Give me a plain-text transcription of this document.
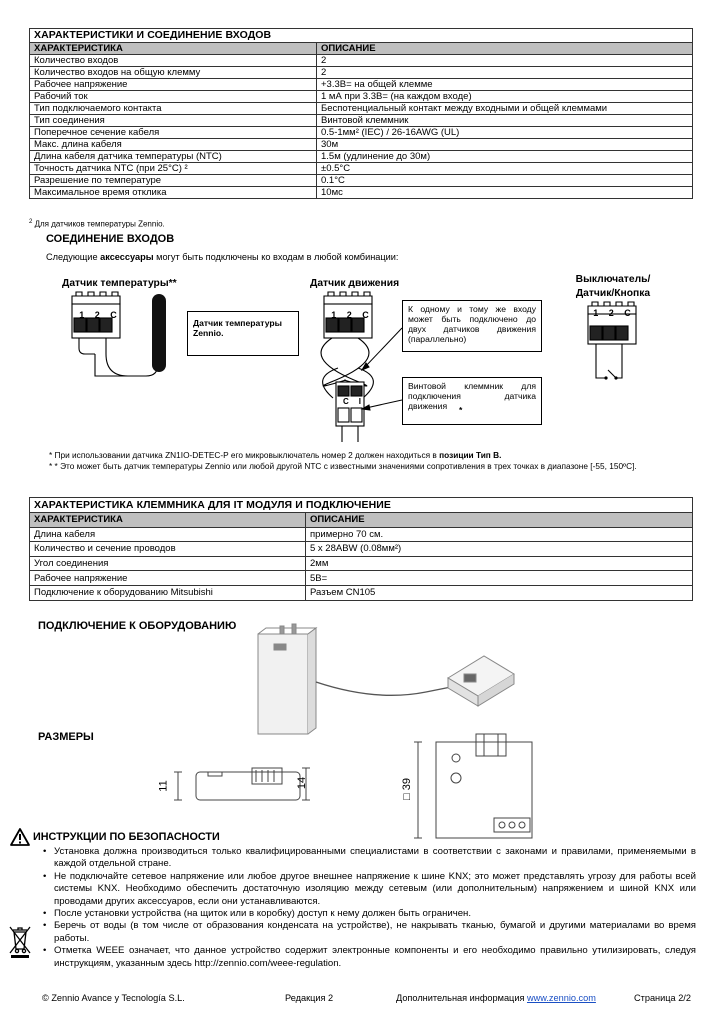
ХАРАКТЕРИСТИКИ И СОЕДИНЕНИЕ ВХОДОВ	
ХАРАКТЕРИСТИКА	ОПИСАНИЕ
Количество входов	2
Количество входов на общую клемму	2
Рабочее напряжение	+3.3В= на общей клемме
Рабочий ток	1 мА при 3.3В= (на каждом входе)
Тип подключаемого контакта	Беспотенциальный контакт между входными и общей клеммами
Тип соединения	Винтовой клеммник
Поперечное сечение кабеля	0.5-1мм² (IEC) / 26-16AWG (UL)
Макс. длина кабеля	30м
Длина кабеля датчика температуры (NTC)	1.5м (удлинение до 30м)
Точность датчика NTC (при 25°C) ²	±0.5°C
Разрешение по температуре	0.1°C
Максимальное время отклика	10мс
$^2$ Для датчиков температуры Zennio.
СОЕДИНЕНИЕ ВХОДОВ
Следующие аксессуары могут быть подключены ко входам в любой комбинации:
Датчик температуры**	Датчик движения	Выключатель/
Датчик/Кнопка
1 2 C
Датчик температуры Zennio.
1 2 C
C I
К одному и тому же входу может быть подключено до двух датчиков движения (параллельно)
Винтовой клеммник для подключения датчика движения	*
1 2 C
* При использовании датчика ZN1IO-DETEC-P его микровыключатель номер 2 должен находиться в позиции Тип В.
* * Это может быть датчик температуры Zennio или любой другой NTC с известными значениями сопротивления в трех точках в диапазоне [-55, 150ºC].
ХАРАКТЕРИСТИКА КЛЕММНИКА ДЛЯ IT МОДУЛЯ И ПОДКЛЮЧЕНИЕ	
ХАРАКТЕРИСТИКА	ОПИСАНИЕ
Длина кабеля	примерно 70 см.
Количество и сечение проводов	5 x 28ABW (0.08мм²)
Угол соединения	2мм
Рабочее напряжение	5В=
Подключение к оборудованию Mitsubishi	Разъем CN105
ПОДКЛЮЧЕНИЕ К ОБОРУДОВАНИЮ
РАЗМЕРЫ
11	14	□ 39
ИНСТРУКЦИИ ПО БЕЗОПАСНОСТИ
• Установка должна производиться только квалифицированными специалистами в соответствии с законами и правилами, применяемыми в каждой отдельной стране.
• Не подключайте сетевое напряжение или любое другое внешнее напряжение к шине KNX; это может представлять угрозу для работы всей системы KNX. Необходимо обеспечить достаточную изоляцию между сетевым (или дополнительным) напряжением и шиной KNX или проводами других аксессуаров, если они устанавливаются.
• После установки устройства (на щиток или в коробку) доступ к нему должен быть ограничен.
• Беречь от воды (в том числе от образования конденсата на устройстве), не накрывать тканью, бумагой и другими материалами во время работы.
• Отметка WEEE означает, что данное устройство содержит электронные компоненты и его необходимо правильно утилизировать, следуя инструкциям, указанным здесь http://zennio.com/weee-regulation.
© Zennio Avance y Tecnología S.L.	Редакция 2	Дополнительная информация www.zennio.com	Страница 2/2
